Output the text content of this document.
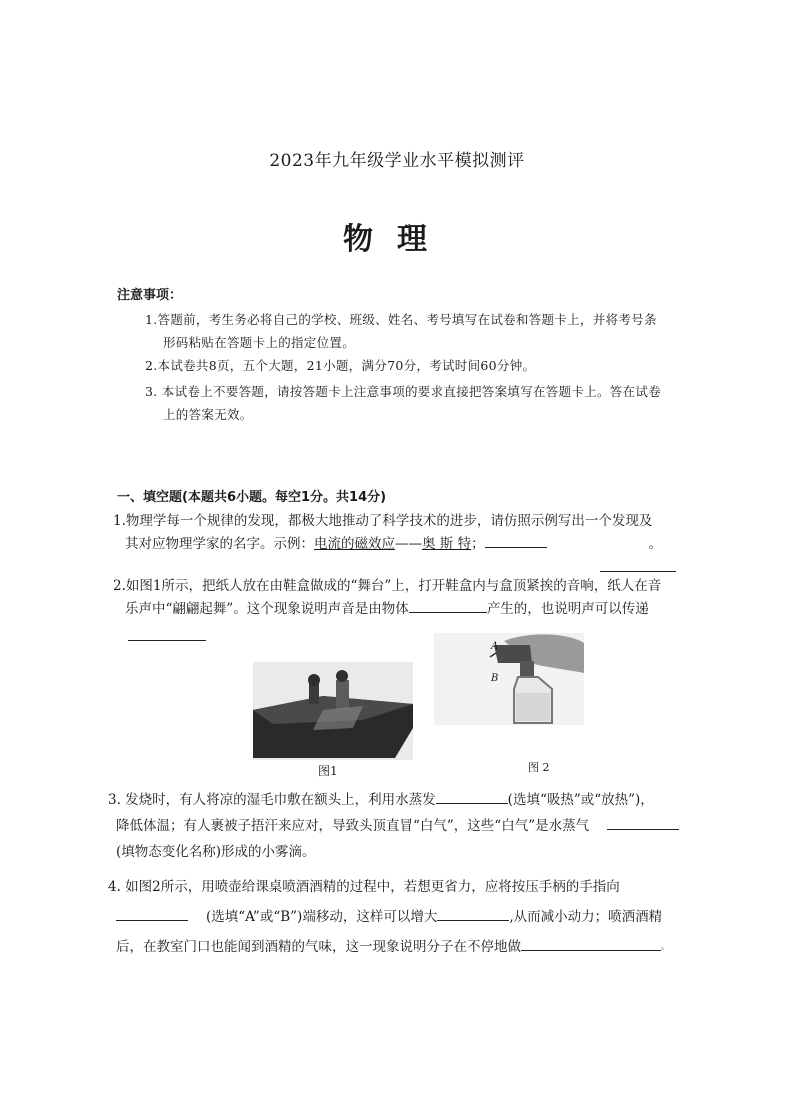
2023年九年级学业水平模拟测评
物理
注意事项：
1.答题前，考生务必将自己的学校、班级、姓名、考号填写在试卷和答题卡上，并将考号条
形码粘贴在答题卡上的指定位置。
2.本试卷共8页，五个大题，21小题，满分70分，考试时间60分钟。
3. 本试卷上不要答题，请按答题卡上注意事项的要求直接把答案填写在答题卡上。答在试卷
上的答案无效。
一、填空题(本题共6小题。每空1分。共14分)
1.物理学每一个规律的发现，都极大地推动了科学技术的进步，请仿照示例写出一个发现及
其对应物理学家的名字。示例：电流的磁效应——奥 斯 特；	。
2.如图1所示，把纸人放在由鞋盒做成的“舞台”上，打开鞋盒内与盒顶紧挨的音响，纸人在音
乐声中“翩翩起舞”。这个现象说明声音是由物体	产生的，也说明声可以传递
图1
A
B
图 2
3. 发烧时，有人将凉的湿毛巾敷在额头上，利用水蒸发	(选填“吸热”或“放热”)，
降低体温；有人裹被子捂汗来应对，导致头顶直冒“白气”，这些“白气”是水蒸气
(填物态变化名称)形成的小雾滴。
4. 如图2所示，用喷壶给课桌喷酒酒精的过程中，若想更省力，应将按压手柄的手指向
(选填“A”或“B”)端移动，这样可以增大	,从而减小动力；喷洒酒精
后，在教室门口也能闻到酒精的气味，这一现象说明分子在不停地做	。
